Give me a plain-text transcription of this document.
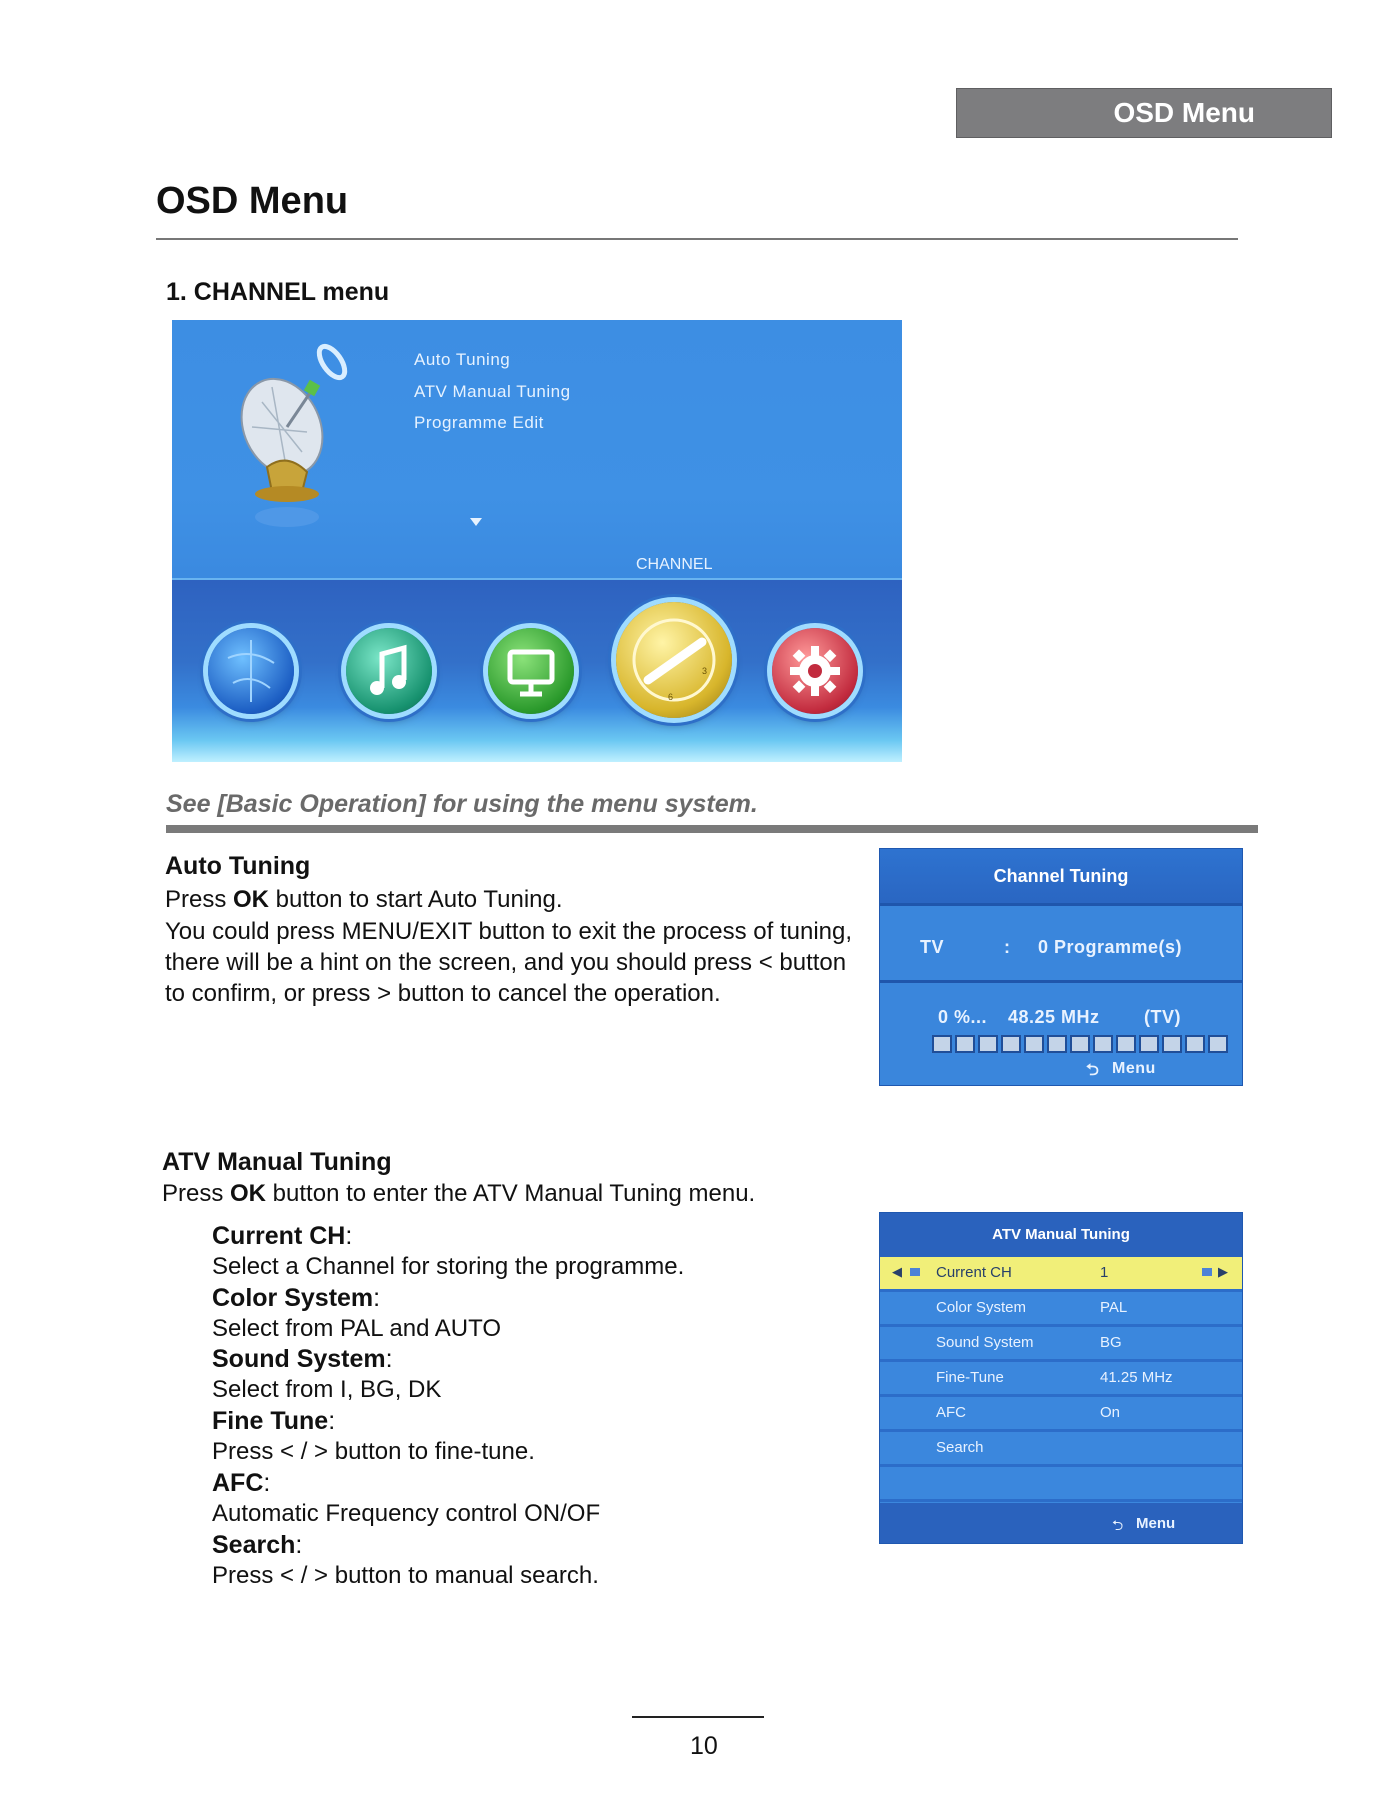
OSD Menu
OSD Menu
1. CHANNEL menu
Auto Tuning
ATV Manual Tuning
Programme Edit
CHANNEL
6
3
See [Basic Operation] for using the menu system.
Auto Tuning
Press OK button to start Auto Tuning.
You could press MENU/EXIT button to exit the process of tuning, there will be a hint on the screen, and you should press < button to confirm, or press > button to cancel the operation.
Channel Tuning
TV	: 0 Programme(s)
0 %... 48.25 MHz (TV)
⮌ Menu
ATV Manual Tuning
Press OK button to enter the ATV Manual Tuning menu.
Current CH:
Select a Channel for storing the programme.
Color System:
Select from PAL and AUTO
Sound System:
Select from I, BG, DK
Fine Tune:
Press < / > button to fine-tune.
AFC:
Automatic Frequency control ON/OF
Search:
Press < / > button to manual search.
ATV Manual Tuning
◀ Current CH	1	▶
Color System	PAL
Sound System	BG
Fine-Tune	41.25 MHz
AFC	On
Search
⮌ Menu
10
